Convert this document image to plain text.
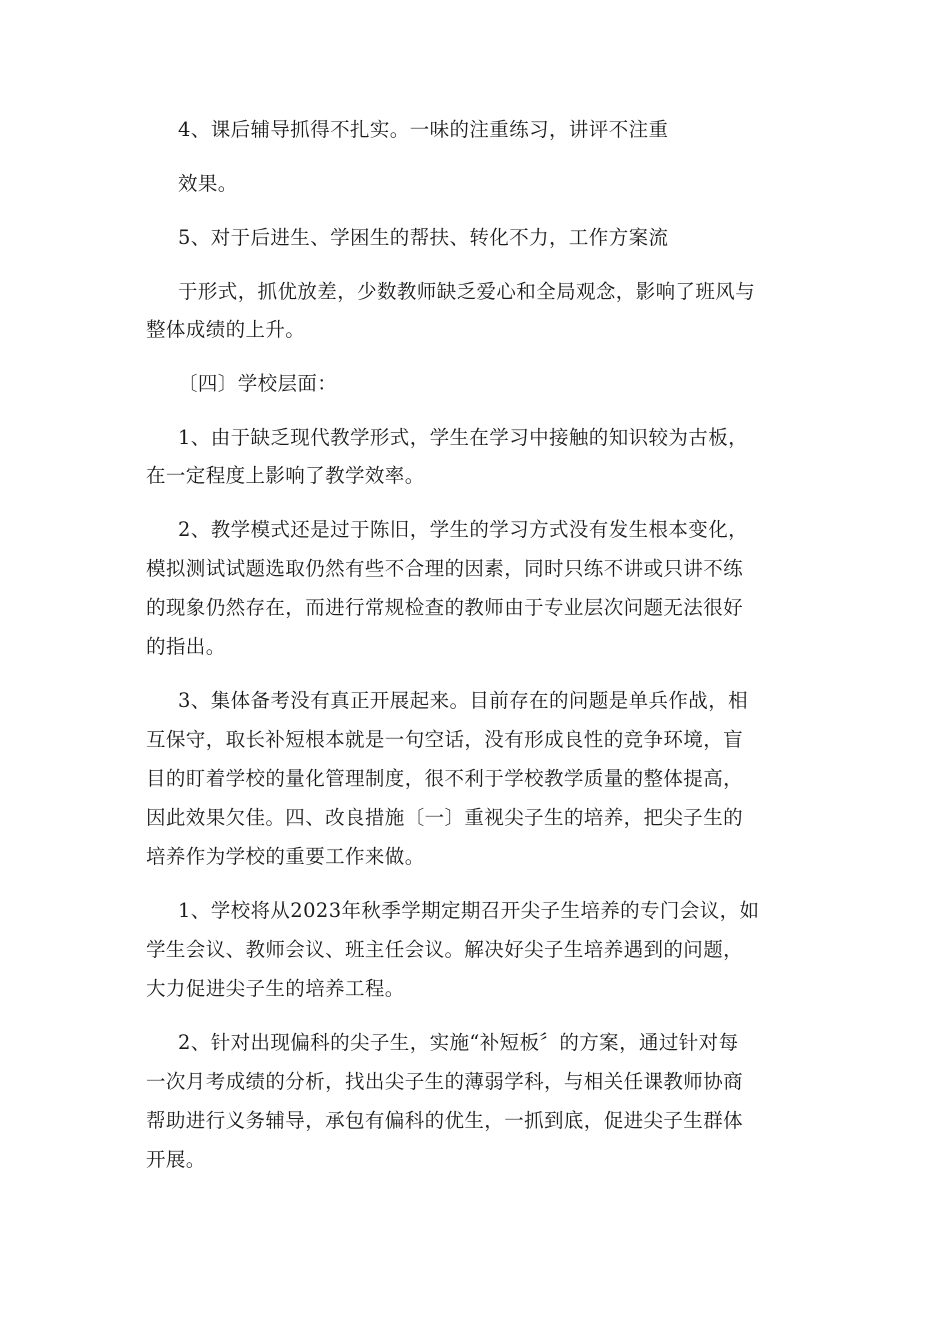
4、课后辅导抓得不扎实。一味的注重练习，讲评不注重
效果。
5、对于后进生、学困生的帮扶、转化不力，工作方案流
于形式，抓优放差，少数教师缺乏爱心和全局观念，影响了班风与
整体成绩的上升。
〔四〕学校层面：
1、由于缺乏现代教学形式，学生在学习中接触的知识较为古板，
在一定程度上影响了教学效率。
2、教学模式还是过于陈旧，学生的学习方式没有发生根本变化，
模拟测试试题选取仍然有些不合理的因素，同时只练不讲或只讲不练
的现象仍然存在，而进行常规检查的教师由于专业层次问题无法很好
的指出。
3、集体备考没有真正开展起来。目前存在的问题是单兵作战，相
互保守，取长补短根本就是一句空话，没有形成良性的竞争环境，盲
目的盯着学校的量化管理制度，很不利于学校教学质量的整体提高，
因此效果欠佳。四、改良措施〔一〕重视尖子生的培养，把尖子生的
培养作为学校的重要工作来做。
1、学校将从2023年秋季学期定期召开尖子生培养的专门会议，如
学生会议、教师会议、班主任会议。解决好尖子生培养遇到的问题，
大力促进尖子生的培养工程。
2、针对出现偏科的尖子生，实施“补短板〞的方案，通过针对每
一次月考成绩的分析，找出尖子生的薄弱学科，与相关任课教师协商
帮助进行义务辅导，承包有偏科的优生，一抓到底，促进尖子生群体
开展。
